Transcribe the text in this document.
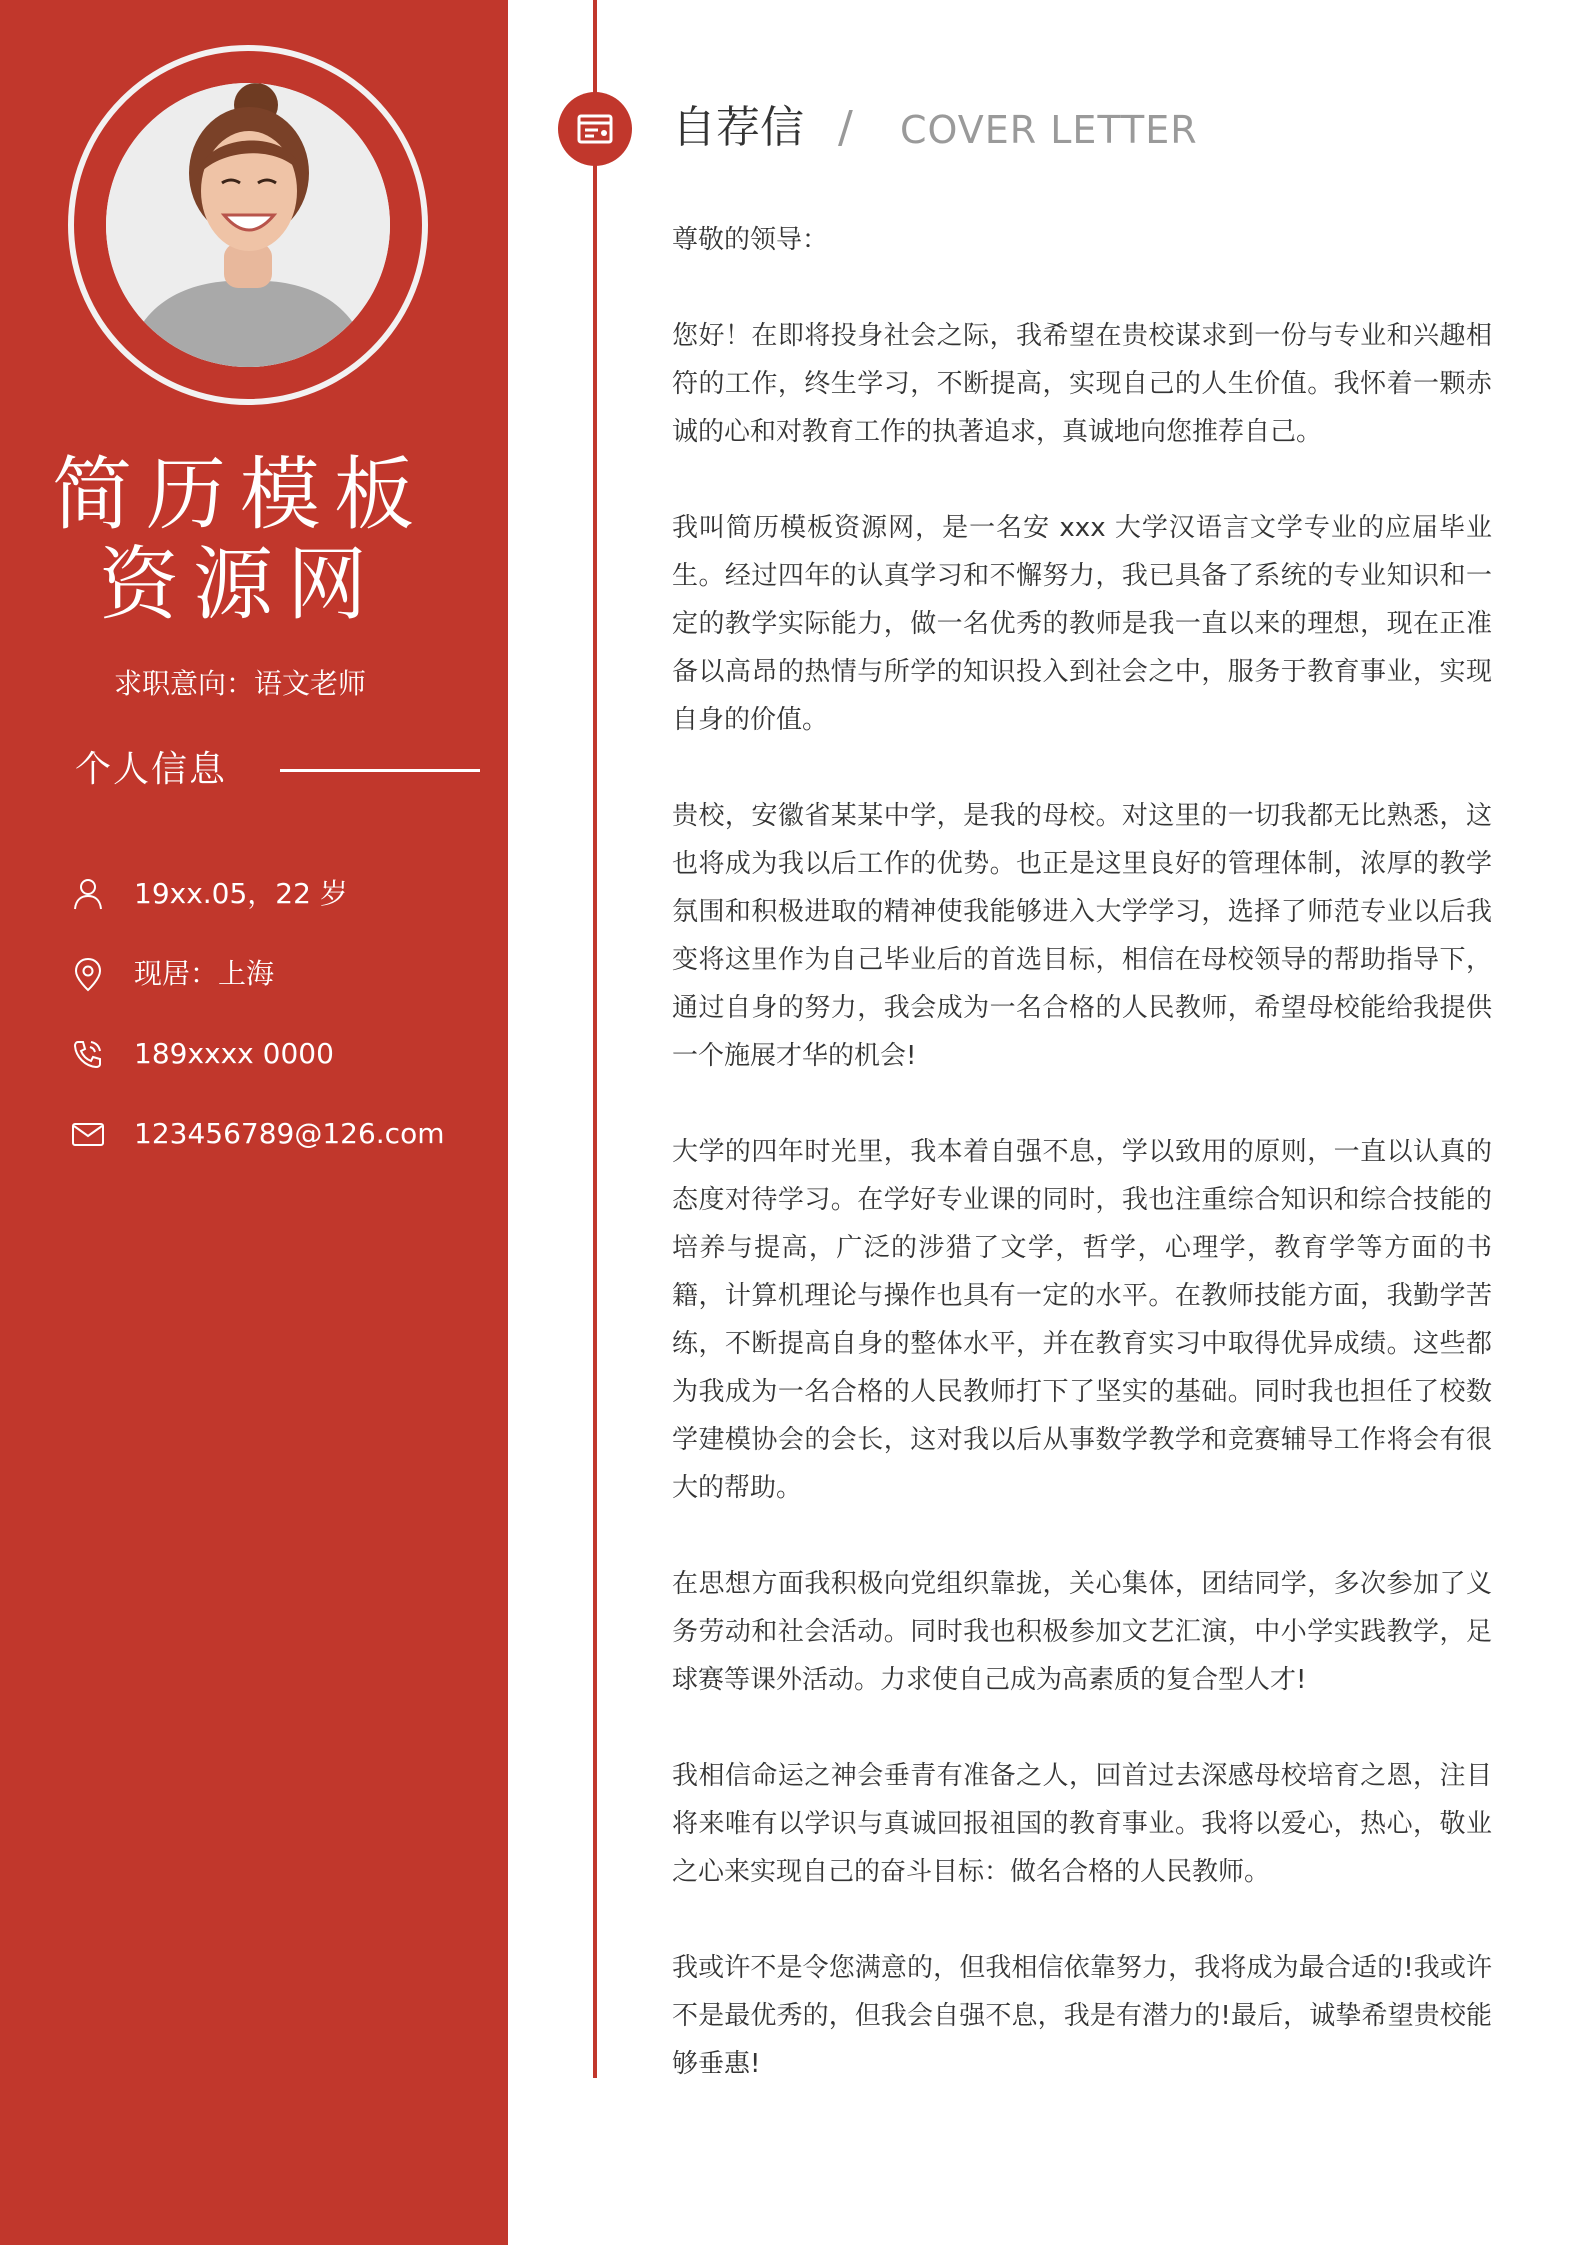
简历模板
资源网
求职意向：语文老师
个人信息
19xx.05，22 岁
现居：上海
189xxxx 0000
123456789@126.com
自荐信 / COVER LETTER

尊敬的领导：

您好！在即将投身社会之际，我希望在贵校谋求到一份与专业和兴趣相符的工作，终生学习，不断提高，实现自己的人生价值。我怀着一颗赤诚的心和对教育工作的执著追求，真诚地向您推荐自己。

我叫简历模板资源网，是一名安 xxx 大学汉语言文学专业的应届毕业生。经过四年的认真学习和不懈努力，我已具备了系统的专业知识和一定的教学实际能力，做一名优秀的教师是我一直以来的理想，现在正准备以高昂的热情与所学的知识投入到社会之中，服务于教育事业，实现自身的价值。

贵校，安徽省某某中学，是我的母校。对这里的一切我都无比熟悉，这也将成为我以后工作的优势。也正是这里良好的管理体制，浓厚的教学氛围和积极进取的精神使我能够进入大学学习，选择了师范专业以后我变将这里作为自己毕业后的首选目标，相信在母校领导的帮助指导下，通过自身的努力，我会成为一名合格的人民教师，希望母校能给我提供一个施展才华的机会!

大学的四年时光里，我本着自强不息，学以致用的原则，一直以认真的态度对待学习。在学好专业课的同时，我也注重综合知识和综合技能的培养与提高，广泛的涉猎了文学，哲学，心理学，教育学等方面的书籍，计算机理论与操作也具有一定的水平。在教师技能方面，我勤学苦练，不断提高自身的整体水平，并在教育实习中取得优异成绩。这些都为我成为一名合格的人民教师打下了坚实的基础。同时我也担任了校数学建模协会的会长，这对我以后从事数学教学和竞赛辅导工作将会有很大的帮助。

在思想方面我积极向党组织靠拢，关心集体，团结同学，多次参加了义务劳动和社会活动。同时我也积极参加文艺汇演，中小学实践教学，足球赛等课外活动。力求使自己成为高素质的复合型人才!

我相信命运之神会垂青有准备之人，回首过去深感母校培育之恩，注目将来唯有以学识与真诚回报祖国的教育事业。我将以爱心，热心，敬业之心来实现自己的奋斗目标：做名合格的人民教师。

我或许不是令您满意的，但我相信依靠努力，我将成为最合适的!我或许不是最优秀的，但我会自强不息，我是有潜力的!最后，诚挚希望贵校能够垂惠!
